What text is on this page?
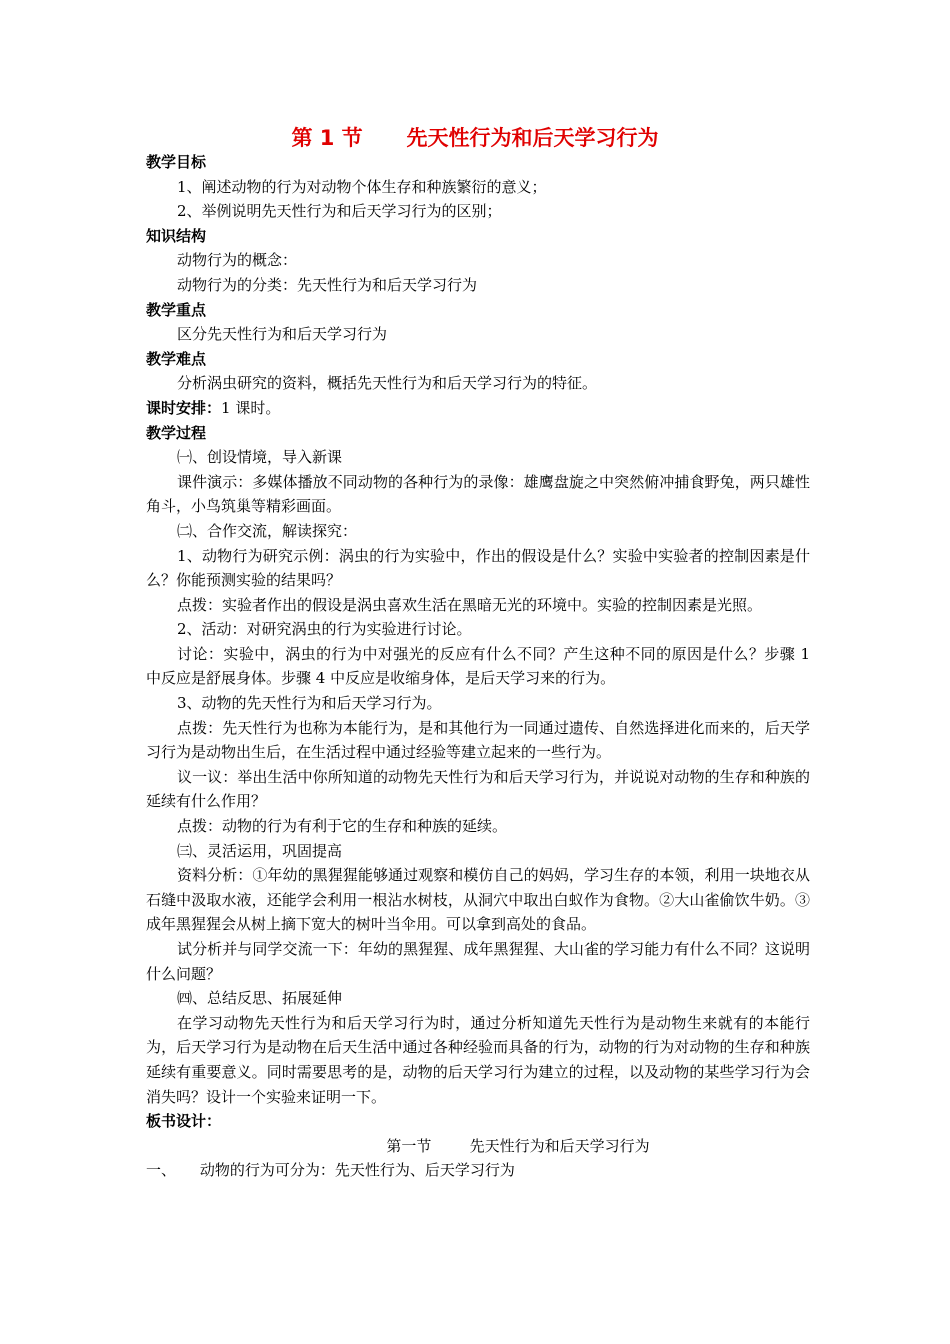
第 1 节      先天性行为和后天学习行为

教学目标

1、阐述动物的行为对动物个体生存和种族繁衍的意义；

2、举例说明先天性行为和后天学习行为的区别；

知识结构

动物行为的概念：

动物行为的分类：先天性行为和后天学习行为

教学重点

区分先天性行为和后天学习行为

教学难点

分析涡虫研究的资料，概括先天性行为和后天学习行为的特征。

课时安排：1 课时。

教学过程

㈠、创设情境，导入新课

课件演示：多媒体播放不同动物的各种行为的录像：雄鹰盘旋之中突然俯冲捕食野兔，两只雄性角斗，小鸟筑巢等精彩画面。

㈡、合作交流，解读探究：

1、动物行为研究示例：涡虫的行为实验中，作出的假设是什么？实验中实验者的控制因素是什么？你能预测实验的结果吗？

点拨：实验者作出的假设是涡虫喜欢生活在黑暗无光的环境中。实验的控制因素是光照。

2、活动：对研究涡虫的行为实验进行讨论。

讨论：实验中，涡虫的行为中对强光的反应有什么不同？产生这种不同的原因是什么？步骤 1 中反应是舒展身体。步骤 4 中反应是收缩身体，是后天学习来的行为。

3、动物的先天性行为和后天学习行为。

点拨：先天性行为也称为本能行为，是和其他行为一同通过遗传、自然选择进化而来的，后天学习行为是动物出生后，在生活过程中通过经验等建立起来的一些行为。

议一议：举出生活中你所知道的动物先天性行为和后天学习行为，并说说对动物的生存和种族的延续有什么作用？

点拨：动物的行为有利于它的生存和种族的延续。

㈢、灵活运用，巩固提高

资料分析：①年幼的黑猩猩能够通过观察和模仿自己的妈妈，学习生存的本领，利用一块地衣从石缝中汲取水液，还能学会利用一根沾水树枝，从洞穴中取出白蚁作为食物。②大山雀偷饮牛奶。③成年黑猩猩会从树上摘下宽大的树叶当伞用。可以拿到高处的食品。

试分析并与同学交流一下：年幼的黑猩猩、成年黑猩猩、大山雀的学习能力有什么不同？这说明什么问题？

㈣、总结反思、拓展延伸

在学习动物先天性行为和后天学习行为时，通过分析知道先天性行为是动物生来就有的本能行为，后天学习行为是动物在后天生活中通过各种经验而具备的行为，动物的行为对动物的生存和种族延续有重要意义。同时需要思考的是，动物的后天学习行为建立的过程，以及动物的某些学习行为会消失吗？设计一个实验来证明一下。

板书设计：

第一节        先天性行为和后天学习行为

一、     动物的行为可分为：先天性行为、后天学习行为
